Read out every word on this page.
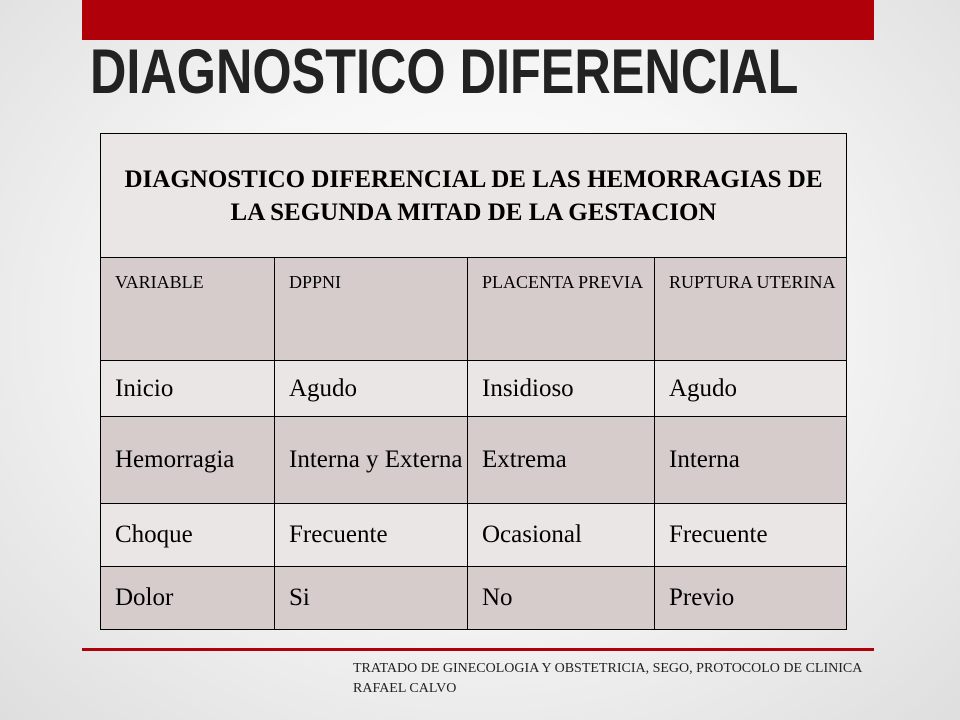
DIAGNOSTICO DIFERENCIAL
DIAGNOSTICO DIFERENCIAL DE LAS HEMORRAGIAS DE LA SEGUNDA MITAD DE LA GESTACION			
VARIABLE	DPPNI	PLACENTA PREVIA	RUPTURA UTERINA
Inicio	Agudo	Insidioso	Agudo
Hemorragia	Interna y Externa	Extrema	Interna
Choque	Frecuente	Ocasional	Frecuente
Dolor	Si	No	Previo
TRATADO DE GINECOLOGIA Y OBSTETRICIA, SEGO, PROTOCOLO DE CLINICA RAFAEL CALVO
